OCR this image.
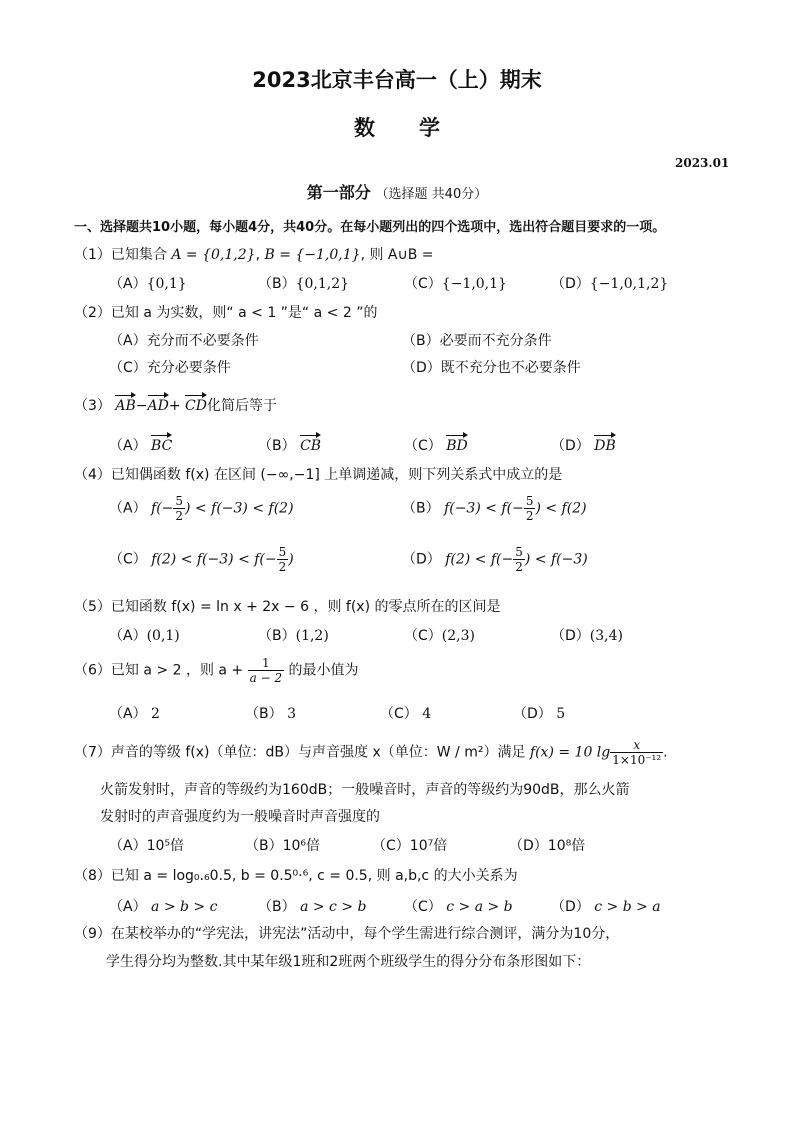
2023北京丰台高一（上）期末
数学
2023.01
第一部分 （选择题 共40分）
一、选择题共10小题，每小题4分，共40分。在每小题列出的四个选项中，选出符合题目要求的一项。
（1）已知集合 A = {0,1,2}, B = {−1,0,1}, 则 A∪B =
（A）{0,1}	（B）{0,1,2}	（C）{−1,0,1}	（D）{−1,0,1,2}
（2）已知 a 为实数，则“ a < 1 ”是“ a < 2 ”的
（A）充分而不必要条件	（B）必要而不充分条件
（C）充分必要条件	（D）既不充分也不必要条件
（3） AB−AD+ CD化简后等于
（A） BC	（B） CB	（C） BD	（D） DB
（4）已知偶函数 f(x) 在区间 (−∞,−1] 上单调递减，则下列关系式中成立的是
（A） $f(- \frac{5}{2}$ ) < f(−3) < f(2)	（B） $f(-3) < f(- \frac{5}{2}$ ) < f(2)
（C） $f(2) < f(-3) < f(- \frac{5}{2}$ )	（D） $f(2) < f(- \frac{5}{2}$ ) < f(−3)
（5）已知函数 f(x) = ln x + 2x − 6 ，则 f(x) 的零点所在的区间是
（A）(0,1)	（B）(1,2)	（C）(2,3)	（D）(3,4)
（6）已知 a > 2 ，则 $a + \frac{1}{a - 2}$ 的最小值为
（A） 2	（B） 3	（C） 4	（D） 5
（7）声音的等级 f(x)（单位：dB）与声音强度 x（单位：W / m²）满足 f(x) = 10 $\lg \frac{x}{\text{1×10⁻¹²}}$ .
火箭发射时，声音的等级约为160dB；一般噪音时，声音的等级约为90dB，那么火箭
发射时的声音强度约为一般噪音时声音强度的
（A）10⁵倍	（B）10⁶倍	（C）10⁷倍	（D）10⁸倍
（8）已知 a = log₀.₆0.5, b = 0.5⁰·⁶, c = 0.5, 则 a,b,c 的大小关系为
（A） a > b > c	（B） a > c > b	（C） c > a > b	（D） c > b > a
（9）在某校举办的“学宪法，讲宪法”活动中，每个学生需进行综合测评，满分为10分，
学生得分均为整数.其中某年级1班和2班两个班级学生的得分分布条形图如下：
